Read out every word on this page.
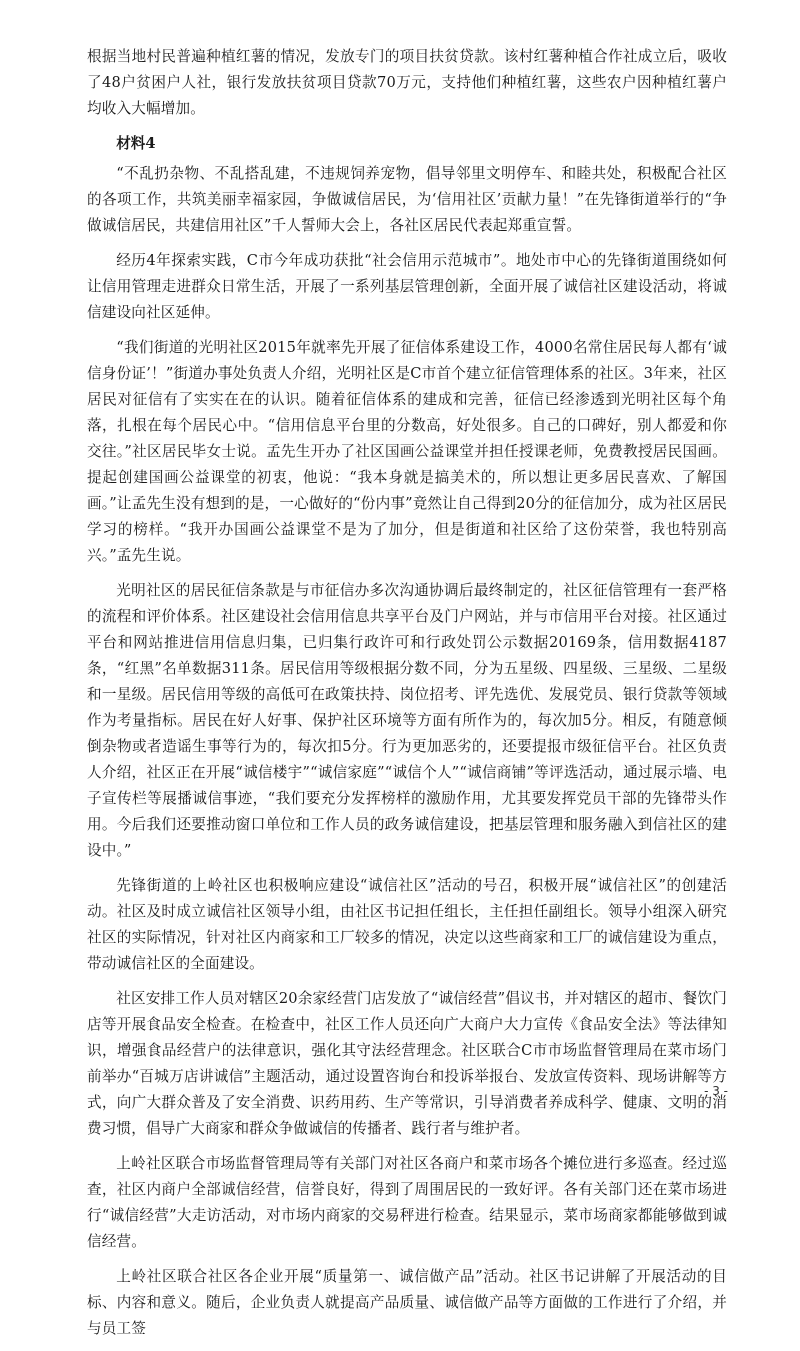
根据当地村民普遍种植红薯的情况，发放专门的项目扶贫贷款。该村红薯种植合作社成立后，吸收了48户贫困户人社，银行发放扶贫项目贷款70万元，支持他们种植红薯，这些农户因种植红薯户均收入大幅增加。

材料4

“不乱扔杂物、不乱搭乱建，不违规饲养宠物，倡导邻里文明停车、和睦共处，积极配合社区的各项工作，共筑美丽幸福家园，争做诚信居民，为‘信用社区’贡献力量！”在先锋街道举行的“争做诚信居民，共建信用社区”千人誓师大会上，各社区居民代表起郑重宣誓。

经历4年探索实践，C市今年成功获批“社会信用示范城市”。地处市中心的先锋街道围绕如何让信用管理走进群众日常生活，开展了一系列基层管理创新，全面开展了诚信社区建设活动，将诚信建设向社区延伸。

“我们街道的光明社区2015年就率先开展了征信体系建设工作，4000名常住居民每人都有‘诚信身份证’！”街道办事处负责人介绍，光明社区是C市首个建立征信管理体系的社区。3年来，社区居民对征信有了实实在在的认识。随着征信体系的建成和完善，征信已经渗透到光明社区每个角落，扎根在每个居民心中。“信用信息平台里的分数高，好处很多。自己的口碑好，别人都爱和你交往。”社区居民毕女士说。孟先生开办了社区国画公益课堂并担任授课老师，免费教授居民国画。提起创建国画公益课堂的初衷，他说：“我本身就是搞美术的，所以想让更多居民喜欢、了解国画。”让孟先生没有想到的是，一心做好的“份内事”竟然让自己得到20分的征信加分，成为社区居民学习的榜样。“我开办国画公益课堂不是为了加分，但是街道和社区给了这份荣誉，我也特别高兴。”孟先生说。

光明社区的居民征信条款是与市征信办多次沟通协调后最终制定的，社区征信管理有一套严格的流程和评价体系。社区建设社会信用信息共享平台及门户网站，并与市信用平台对接。社区通过平台和网站推进信用信息归集，已归集行政许可和行政处罚公示数据20169条，信用数据4187条，“红黑”名单数据311条。居民信用等级根据分数不同，分为五星级、四星级、三星级、二星级和一星级。居民信用等级的高低可在政策扶持、岗位招考、评先选优、发展党员、银行贷款等领域作为考量指标。居民在好人好事、保护社区环境等方面有所作为的，每次加5分。相反，有随意倾倒杂物或者造谣生事等行为的，每次扣5分。行为更加恶劣的，还要提报市级征信平台。社区负责人介绍，社区正在开展“诚信楼宇”“诚信家庭”“诚信个人”“诚信商铺”等评选活动，通过展示墙、电子宣传栏等展播诚信事迹，“我们要充分发挥榜样的激励作用，尤其要发挥党员干部的先锋带头作用。今后我们还要推动窗口单位和工作人员的政务诚信建设，把基层管理和服务融入到信社区的建设中。”

先锋街道的上岭社区也积极响应建设“诚信社区”活动的号召，积极开展“诚信社区”的创建活动。社区及时成立诚信社区领导小组，由社区书记担任组长，主任担任副组长。领导小组深入研究社区的实际情况，针对社区内商家和工厂较多的情况，决定以这些商家和工厂的诚信建设为重点，带动诚信社区的全面建设。

社区安排工作人员对辖区20余家经营门店发放了“诚信经营”倡议书，并对辖区的超市、餐饮门店等开展食品安全检查。在检查中，社区工作人员还向广大商户大力宣传《食品安全法》等法律知识，增强食品经营户的法律意识，强化其守法经营理念。社区联合C市市场监督管理局在菜市场门前举办“百城万店讲诚信”主题活动，通过设置咨询台和投诉举报台、发放宣传资料、现场讲解等方式，向广大群众普及了安全消费、识药用药、生产等常识，引导消费者养成科学、健康、文明的消费习惯，倡导广大商家和群众争做诚信的传播者、践行者与维护者。

上岭社区联合市场监督管理局等有关部门对社区各商户和菜市场各个摊位进行多巡查。经过巡查，社区内商户全部诚信经营，信誉良好，得到了周围居民的一致好评。各有关部门还在菜市场进行“诚信经营”大走访活动，对市场内商家的交易秤进行检查。结果显示，菜市场商家都能够做到诚信经营。

上岭社区联合社区各企业开展“质量第一、诚信做产品”活动。社区书记讲解了开展活动的目标、内容和意义。随后，企业负责人就提高产品质量、诚信做产品等方面做的工作进行了介绍，并与员工签

- 3 -
